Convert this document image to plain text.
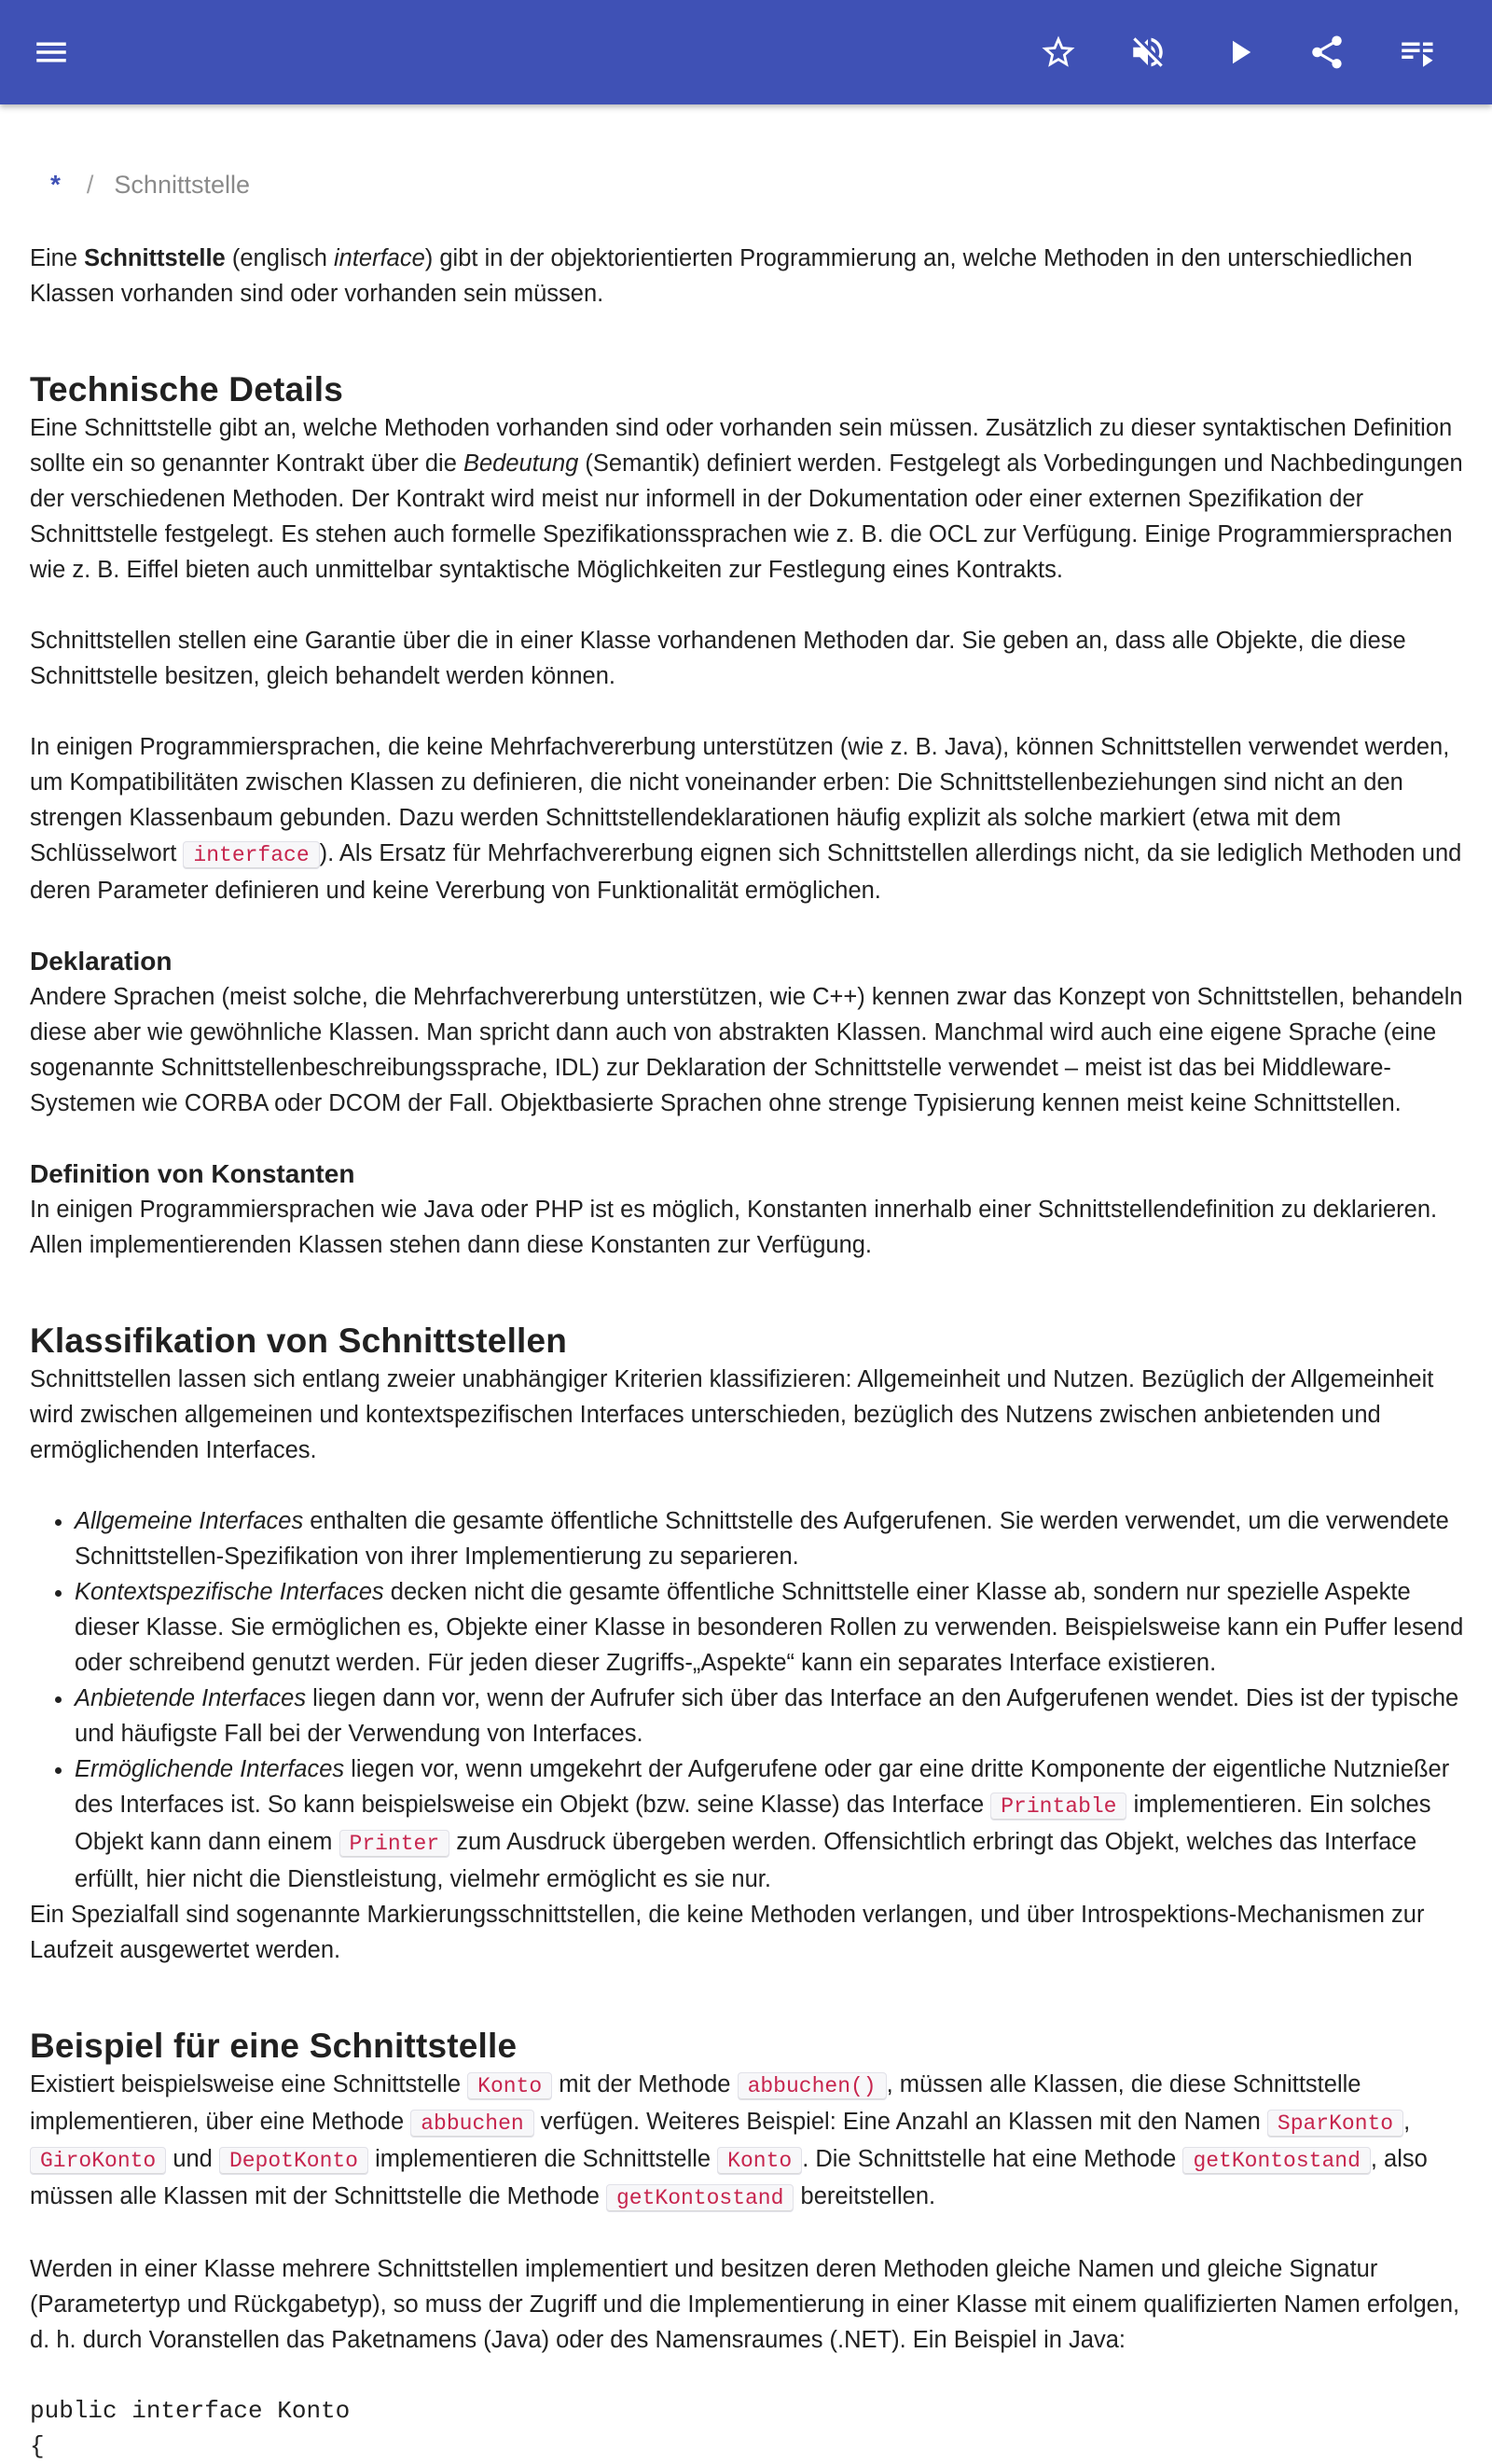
* / Schnittstelle

Eine Schnittstelle (englisch interface) gibt in der objektorientierten Programmierung an, welche Methoden in den unterschiedlichen Klassen vorhanden sind oder vorhanden sein müssen.

Technische Details

Eine Schnittstelle gibt an, welche Methoden vorhanden sind oder vorhanden sein müssen. Zusätzlich zu dieser syntaktischen Definition sollte ein so genannter Kontrakt über die Bedeutung (Semantik) definiert werden. Festgelegt als Vorbedingungen und Nachbedingungen der verschiedenen Methoden. Der Kontrakt wird meist nur informell in der Dokumentation oder einer externen Spezifikation der Schnittstelle festgelegt. Es stehen auch formelle Spezifikationssprachen wie z. B. die OCL zur Verfügung. Einige Programmiersprachen wie z. B. Eiffel bieten auch unmittelbar syntaktische Möglichkeiten zur Festlegung eines Kontrakts.

Schnittstellen stellen eine Garantie über die in einer Klasse vorhandenen Methoden dar. Sie geben an, dass alle Objekte, die diese Schnittstelle besitzen, gleich behandelt werden können.

In einigen Programmiersprachen, die keine Mehrfachvererbung unterstützen (wie z. B. Java), können Schnittstellen verwendet werden, um Kompatibilitäten zwischen Klassen zu definieren, die nicht voneinander erben: Die Schnittstellenbeziehungen sind nicht an den strengen Klassenbaum gebunden. Dazu werden Schnittstellendeklarationen häufig explizit als solche markiert (etwa mit dem Schlüsselwort interface ). Als Ersatz für Mehrfachvererbung eignen sich Schnittstellen allerdings nicht, da sie lediglich Methoden und deren Parameter definieren und keine Vererbung von Funktionalität ermöglichen.

Deklaration

Andere Sprachen (meist solche, die Mehrfachvererbung unterstützen, wie C++) kennen zwar das Konzept von Schnittstellen, behandeln diese aber wie gewöhnliche Klassen. Man spricht dann auch von abstrakten Klassen. Manchmal wird auch eine eigene Sprache (eine sogenannte Schnittstellenbeschreibungssprache, IDL) zur Deklaration der Schnittstelle verwendet – meist ist das bei Middleware-Systemen wie CORBA oder DCOM der Fall. Objektbasierte Sprachen ohne strenge Typisierung kennen meist keine Schnittstellen.

Definition von Konstanten

In einigen Programmiersprachen wie Java oder PHP ist es möglich, Konstanten innerhalb einer Schnittstellendefinition zu deklarieren. Allen implementierenden Klassen stehen dann diese Konstanten zur Verfügung.

Klassifikation von Schnittstellen

Schnittstellen lassen sich entlang zweier unabhängiger Kriterien klassifizieren: Allgemeinheit und Nutzen. Bezüglich der Allgemeinheit wird zwischen allgemeinen und kontextspezifischen Interfaces unterschieden, bezüglich des Nutzens zwischen anbietenden und ermöglichenden Interfaces.

• Allgemeine Interfaces enthalten die gesamte öffentliche Schnittstelle des Aufgerufenen. Sie werden verwendet, um die verwendete Schnittstellen-Spezifikation von ihrer Implementierung zu separieren.
• Kontextspezifische Interfaces decken nicht die gesamte öffentliche Schnittstelle einer Klasse ab, sondern nur spezielle Aspekte dieser Klasse. Sie ermöglichen es, Objekte einer Klasse in besonderen Rollen zu verwenden. Beispielsweise kann ein Puffer lesend oder schreibend genutzt werden. Für jeden dieser Zugriffs-„Aspekte“ kann ein separates Interface existieren.
• Anbietende Interfaces liegen dann vor, wenn der Aufrufer sich über das Interface an den Aufgerufenen wendet. Dies ist der typische und häufigste Fall bei der Verwendung von Interfaces.
• Ermöglichende Interfaces liegen vor, wenn umgekehrt der Aufgerufene oder gar eine dritte Komponente der eigentliche Nutznießer des Interfaces ist. So kann beispielsweise ein Objekt (bzw. seine Klasse) das Interface Printable implementieren. Ein solches Objekt kann dann einem Printer zum Ausdruck übergeben werden. Offensichtlich erbringt das Objekt, welches das Interface erfüllt, hier nicht die Dienstleistung, vielmehr ermöglicht es sie nur.

Ein Spezialfall sind sogenannte Markierungsschnittstellen, die keine Methoden verlangen, und über Introspektions-Mechanismen zur Laufzeit ausgewertet werden.

Beispiel für eine Schnittstelle

Existiert beispielsweise eine Schnittstelle Konto mit der Methode abbuchen() , müssen alle Klassen, die diese Schnittstelle implementieren, über eine Methode abbuchen verfügen. Weiteres Beispiel: Eine Anzahl an Klassen mit den Namen SparKonto , GiroKonto und DepotKonto implementieren die Schnittstelle Konto . Die Schnittstelle hat eine Methode getKontostand , also müssen alle Klassen mit der Schnittstelle die Methode getKontostand bereitstellen.

Werden in einer Klasse mehrere Schnittstellen implementiert und besitzen deren Methoden gleiche Namen und gleiche Signatur (Parametertyp und Rückgabetyp), so muss der Zugriff und die Implementierung in einer Klasse mit einem qualifizierten Namen erfolgen, d. h. durch Voranstellen das Paketnamens (Java) oder des Namensraumes (.NET). Ein Beispiel in Java:

public interface Konto
{
